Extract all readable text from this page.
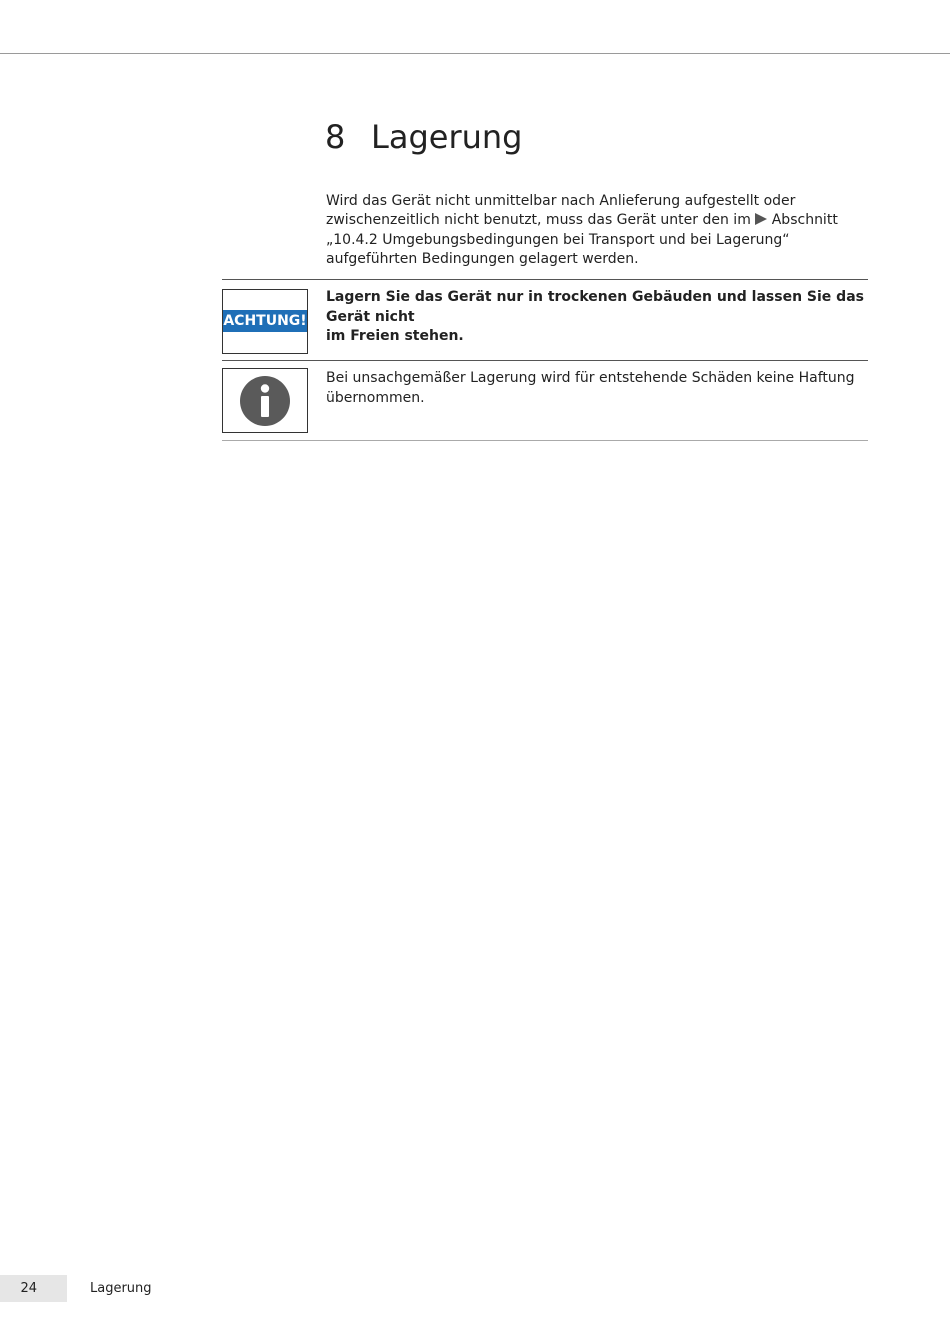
8 Lagerung

Wird das Gerät nicht unmittelbar nach Anlieferung aufgestellt oder
zwischenzeitlich nicht benutzt, muss das Gerät unter den im Abschnitt
„10.4.2 Umgebungsbedingungen bei Transport und bei Lagerung“
aufgeführten Bedingungen gelagert werden.

ACHTUNG!

Lagern Sie das Gerät nur in trockenen Gebäuden und lassen Sie das Gerät nicht
im Freien stehen.

Bei unsachgemäßer Lagerung wird für entstehende Schäden keine Haftung
übernommen.

24	Lagerung
